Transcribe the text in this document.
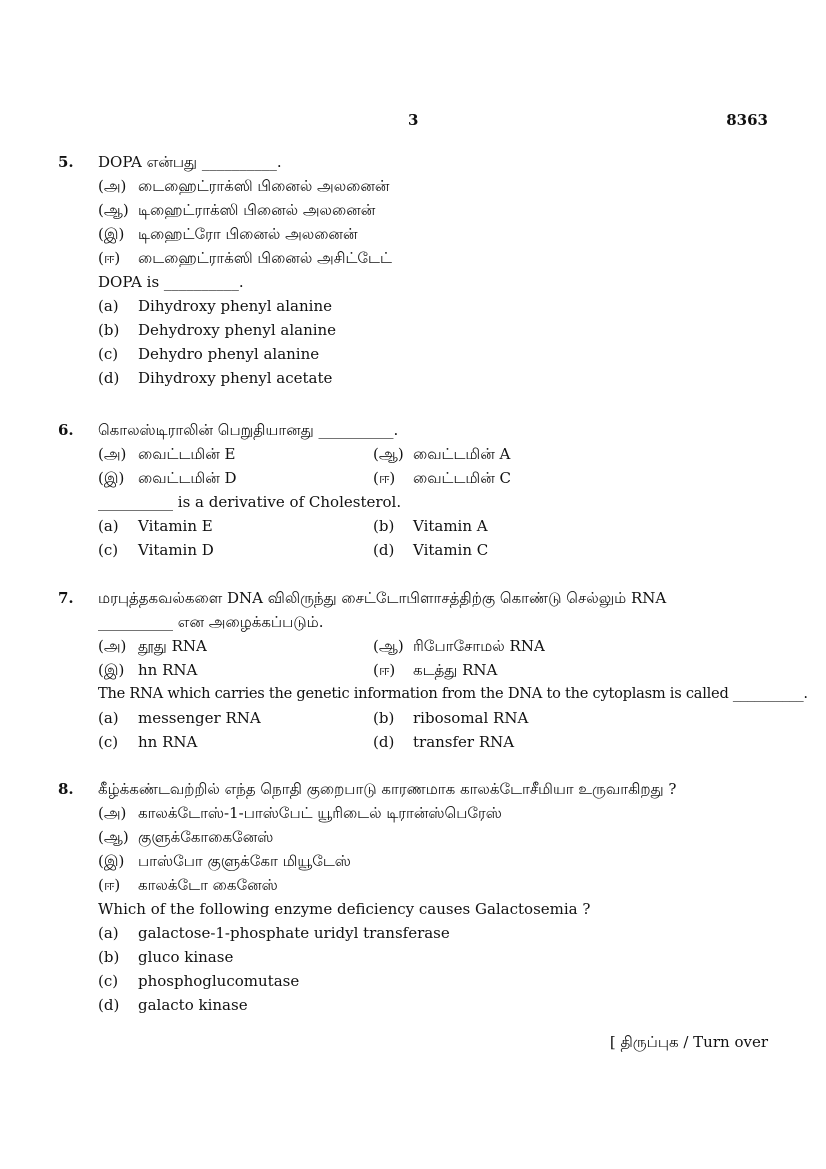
3	8363
5. DOPA என்பது __________.
(அ) டைஹைட்ராக்ஸி பினைல் அலனைன்
(ஆ) டிஹைட்ராக்ஸி பினைல் அலனைன்
(இ) டிஹைட்ரோ பினைல் அலனைன்
(ஈ)	டைஹைட்ராக்ஸி பினைல் அசிட்டேட்
DOPA is __________.
(a)	Dihydroxy phenyl alanine
(b)	Dehydroxy phenyl alanine
(c)	Dehydro phenyl alanine
(d)	Dihydroxy phenyl acetate
6. கொலஸ்டிராலின் பெறுதியானது __________.
(அ) வைட்டமின் E	(ஆ) வைட்டமின் A
(இ) வைட்டமின் D	(ஈ)	வைட்டமின் C
__________ is a derivative of Cholesterol.
(a)	Vitamin E	(b)	Vitamin A
(c)	Vitamin D	(d)	Vitamin C
7. மரபுத்தகவல்களை DNA விலிருந்து சைட்டோபிளாசத்திற்கு கொண்டு செல்லும் RNA
__________ என அழைக்கப்படும்.
(அ) தூது RNA	(ஆ) ரிபோசோமல் RNA
(இ) hn RNA	(ஈ)	கடத்து RNA
The RNA which carries the genetic information from the DNA to the cytoplasm is called __________.
(a)	messenger RNA	(b)	ribosomal RNA
(c)	hn RNA	(d)	transfer RNA
8. கீழ்க்கண்டவற்றில் எந்த நொதி குறைபாடு காரணமாக காலக்டோசீமியா உருவாகிறது ?
(அ) காலக்டோஸ்-1-பாஸ்பேட் யூரிடைல் டிரான்ஸ்பெரேஸ்
(ஆ) குளுக்கோகைனேஸ்
(இ) பாஸ்போ குளுக்கோ மியூடேஸ்
(ஈ)	காலக்டோ கைனேஸ்
Which of the following enzyme deficiency causes Galactosemia ?
(a)	galactose-1-phosphate uridyl transferase
(b)	gluco kinase
(c)	phosphoglucomutase
(d)	galacto kinase
[ திருப்புக / Turn over
